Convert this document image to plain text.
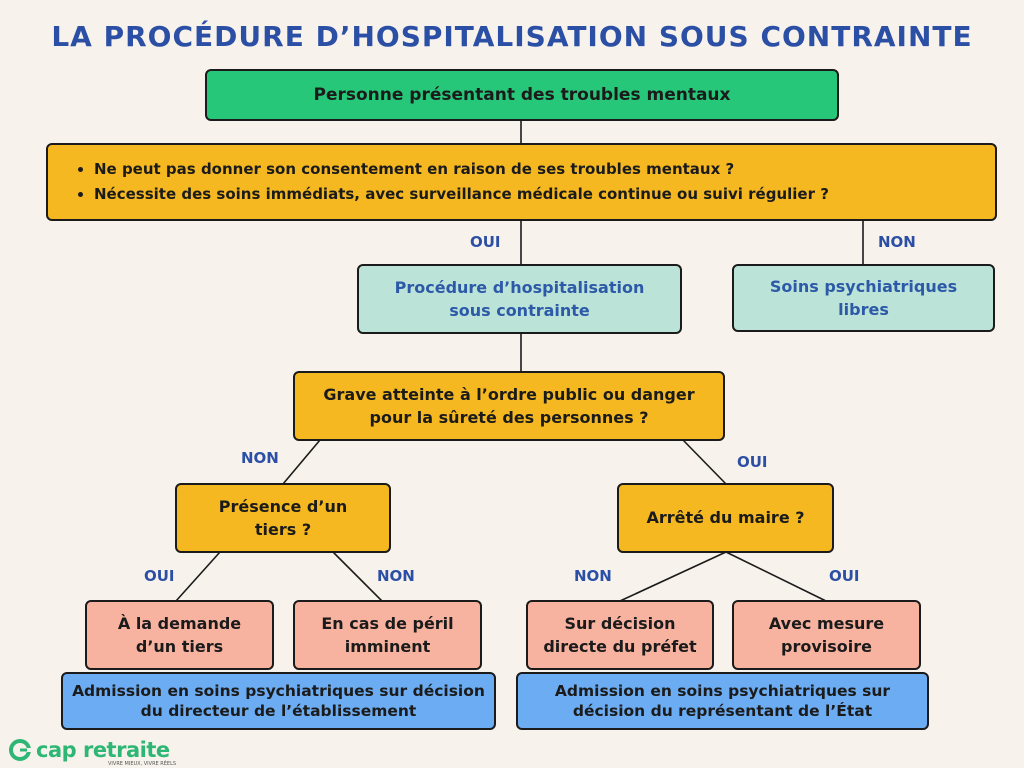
LA PROCÉDURE D’HOSPITALISATION SOUS CONTRAINTE
Personne présentant des troubles mentaux
• Ne peut pas donner son consentement en raison de ses troubles mentaux ?
• Nécessite des soins immédiats, avec surveillance médicale continue ou suivi régulier ?
OUI	NON
Procédure d’hospitalisation sous contrainte
Soins psychiatriques libres
Grave atteinte à l’ordre public ou danger pour la sûreté des personnes ?
NON	OUI
Présence d’un tiers ?
Arrêté du maire ?
OUI	NON	NON	OUI
À la demande d’un tiers
En cas de péril imminent
Sur décision directe du préfet
Avec mesure provisoire
Admission en soins psychiatriques sur décision du directeur de l’établissement
Admission en soins psychiatriques sur décision du représentant de l’État
cap retraite
VIVRE MIEUX, VIVRE RÉELS
